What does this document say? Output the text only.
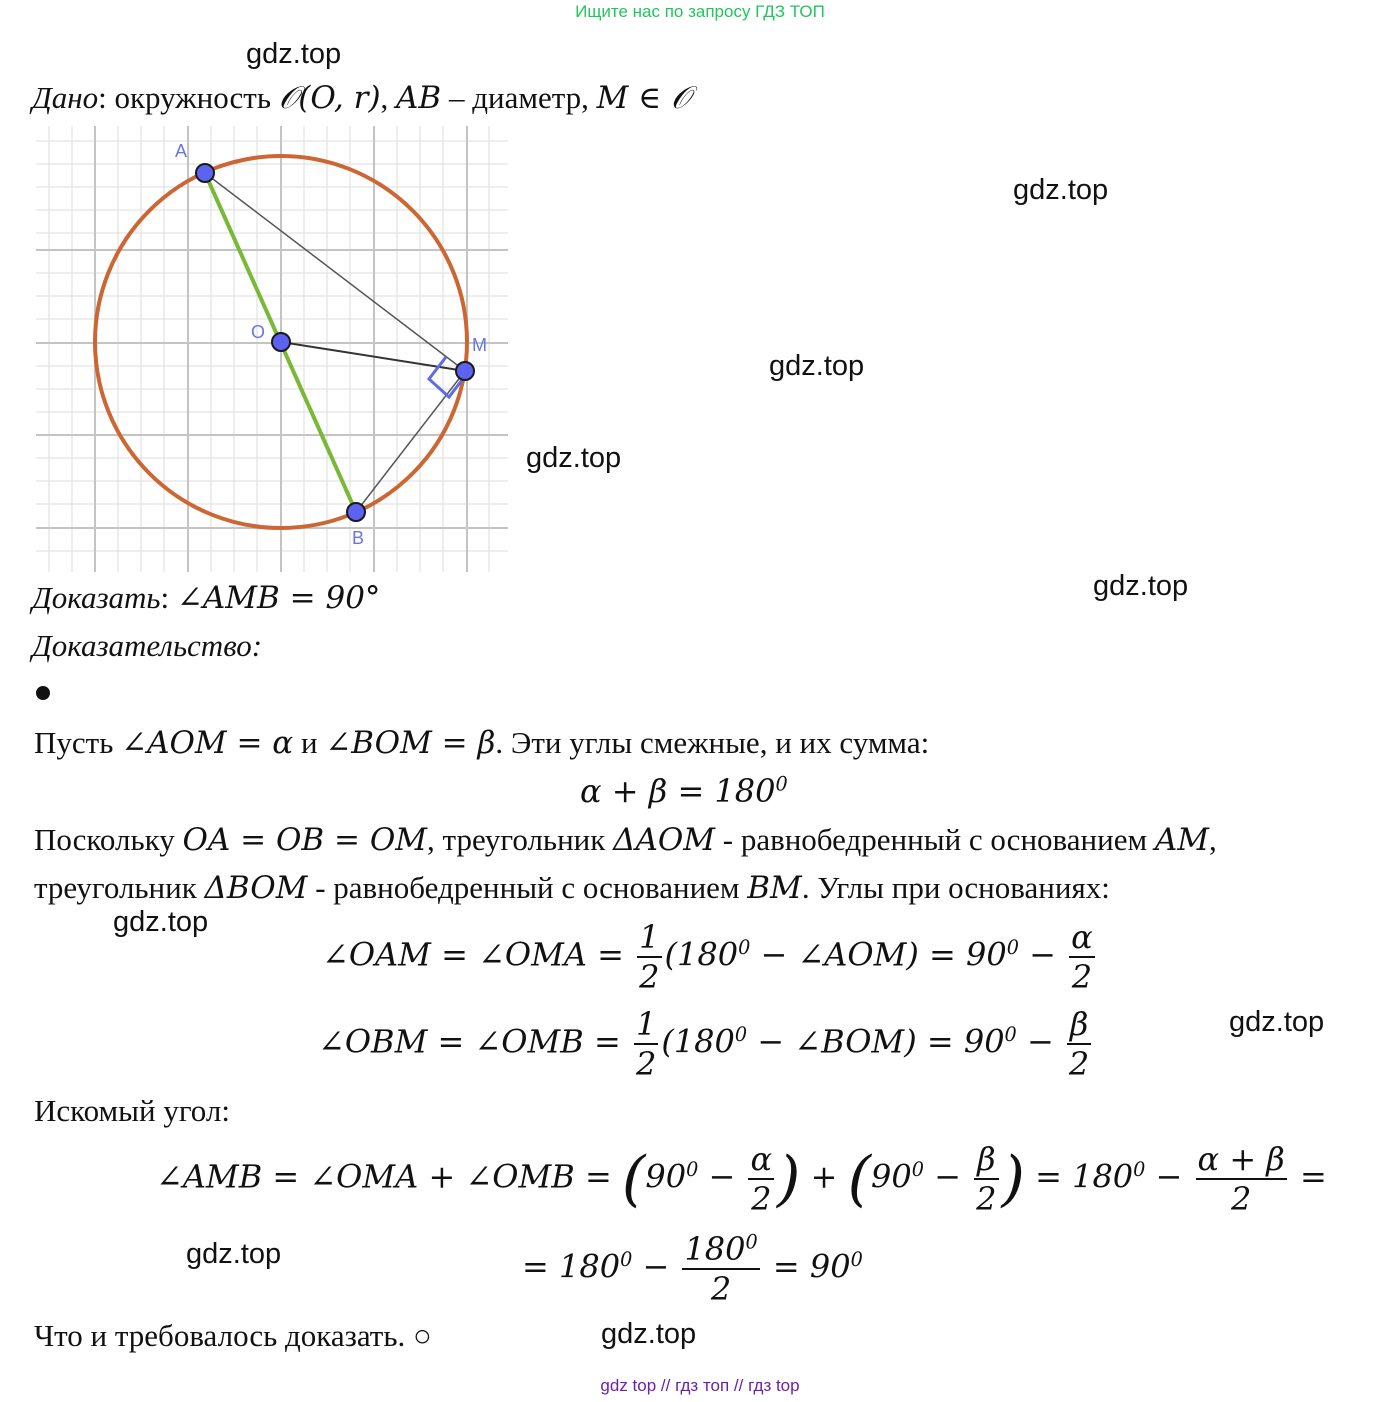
Ищите нас по запросу ГДЗ ТОП
gdz.top
gdz.top
gdz.top
gdz.top
gdz.top
gdz.top
gdz.top
gdz.top
gdz.top
Дано: окружность 𝒪(O, r), AB – диаметр, M ∈ 𝒪
A
O
M
B
Доказать: ∠AMB = 90°
Доказательство:
Пусть ∠AOM = α и ∠BOM = β. Эти углы смежные, и их сумма:
$\alpha + \beta = 180^0$
Поскольку OA = OB = OM, треугольник ΔAOM - равнобедренный с основанием AM,
треугольник ΔBOM - равнобедренный с основанием BM. Углы при основаниях:
∠OAM = ∠OMA = $\frac{1}{2} (180^0$ − ∠AOM) = $90^0 - \frac{\alpha}{2}$
∠OBM = ∠OMB = $\frac{1}{2} (180^0$ − ∠BOM) = $90^0 - \frac{\beta}{2}$
Искомый угол:
∠AMB = ∠OMA + ∠OMB = ($90^0 - \frac{\alpha}{2}$ ) + ($90^0 - \frac{\beta}{2}$ ) = $180^0 - \frac{\alpha + \beta}{2}$ =
= $180^0 - \frac{180^0}{2} = 90^0$
Что и требовалось доказать. ○
gdz top // гдз топ // гдз top
